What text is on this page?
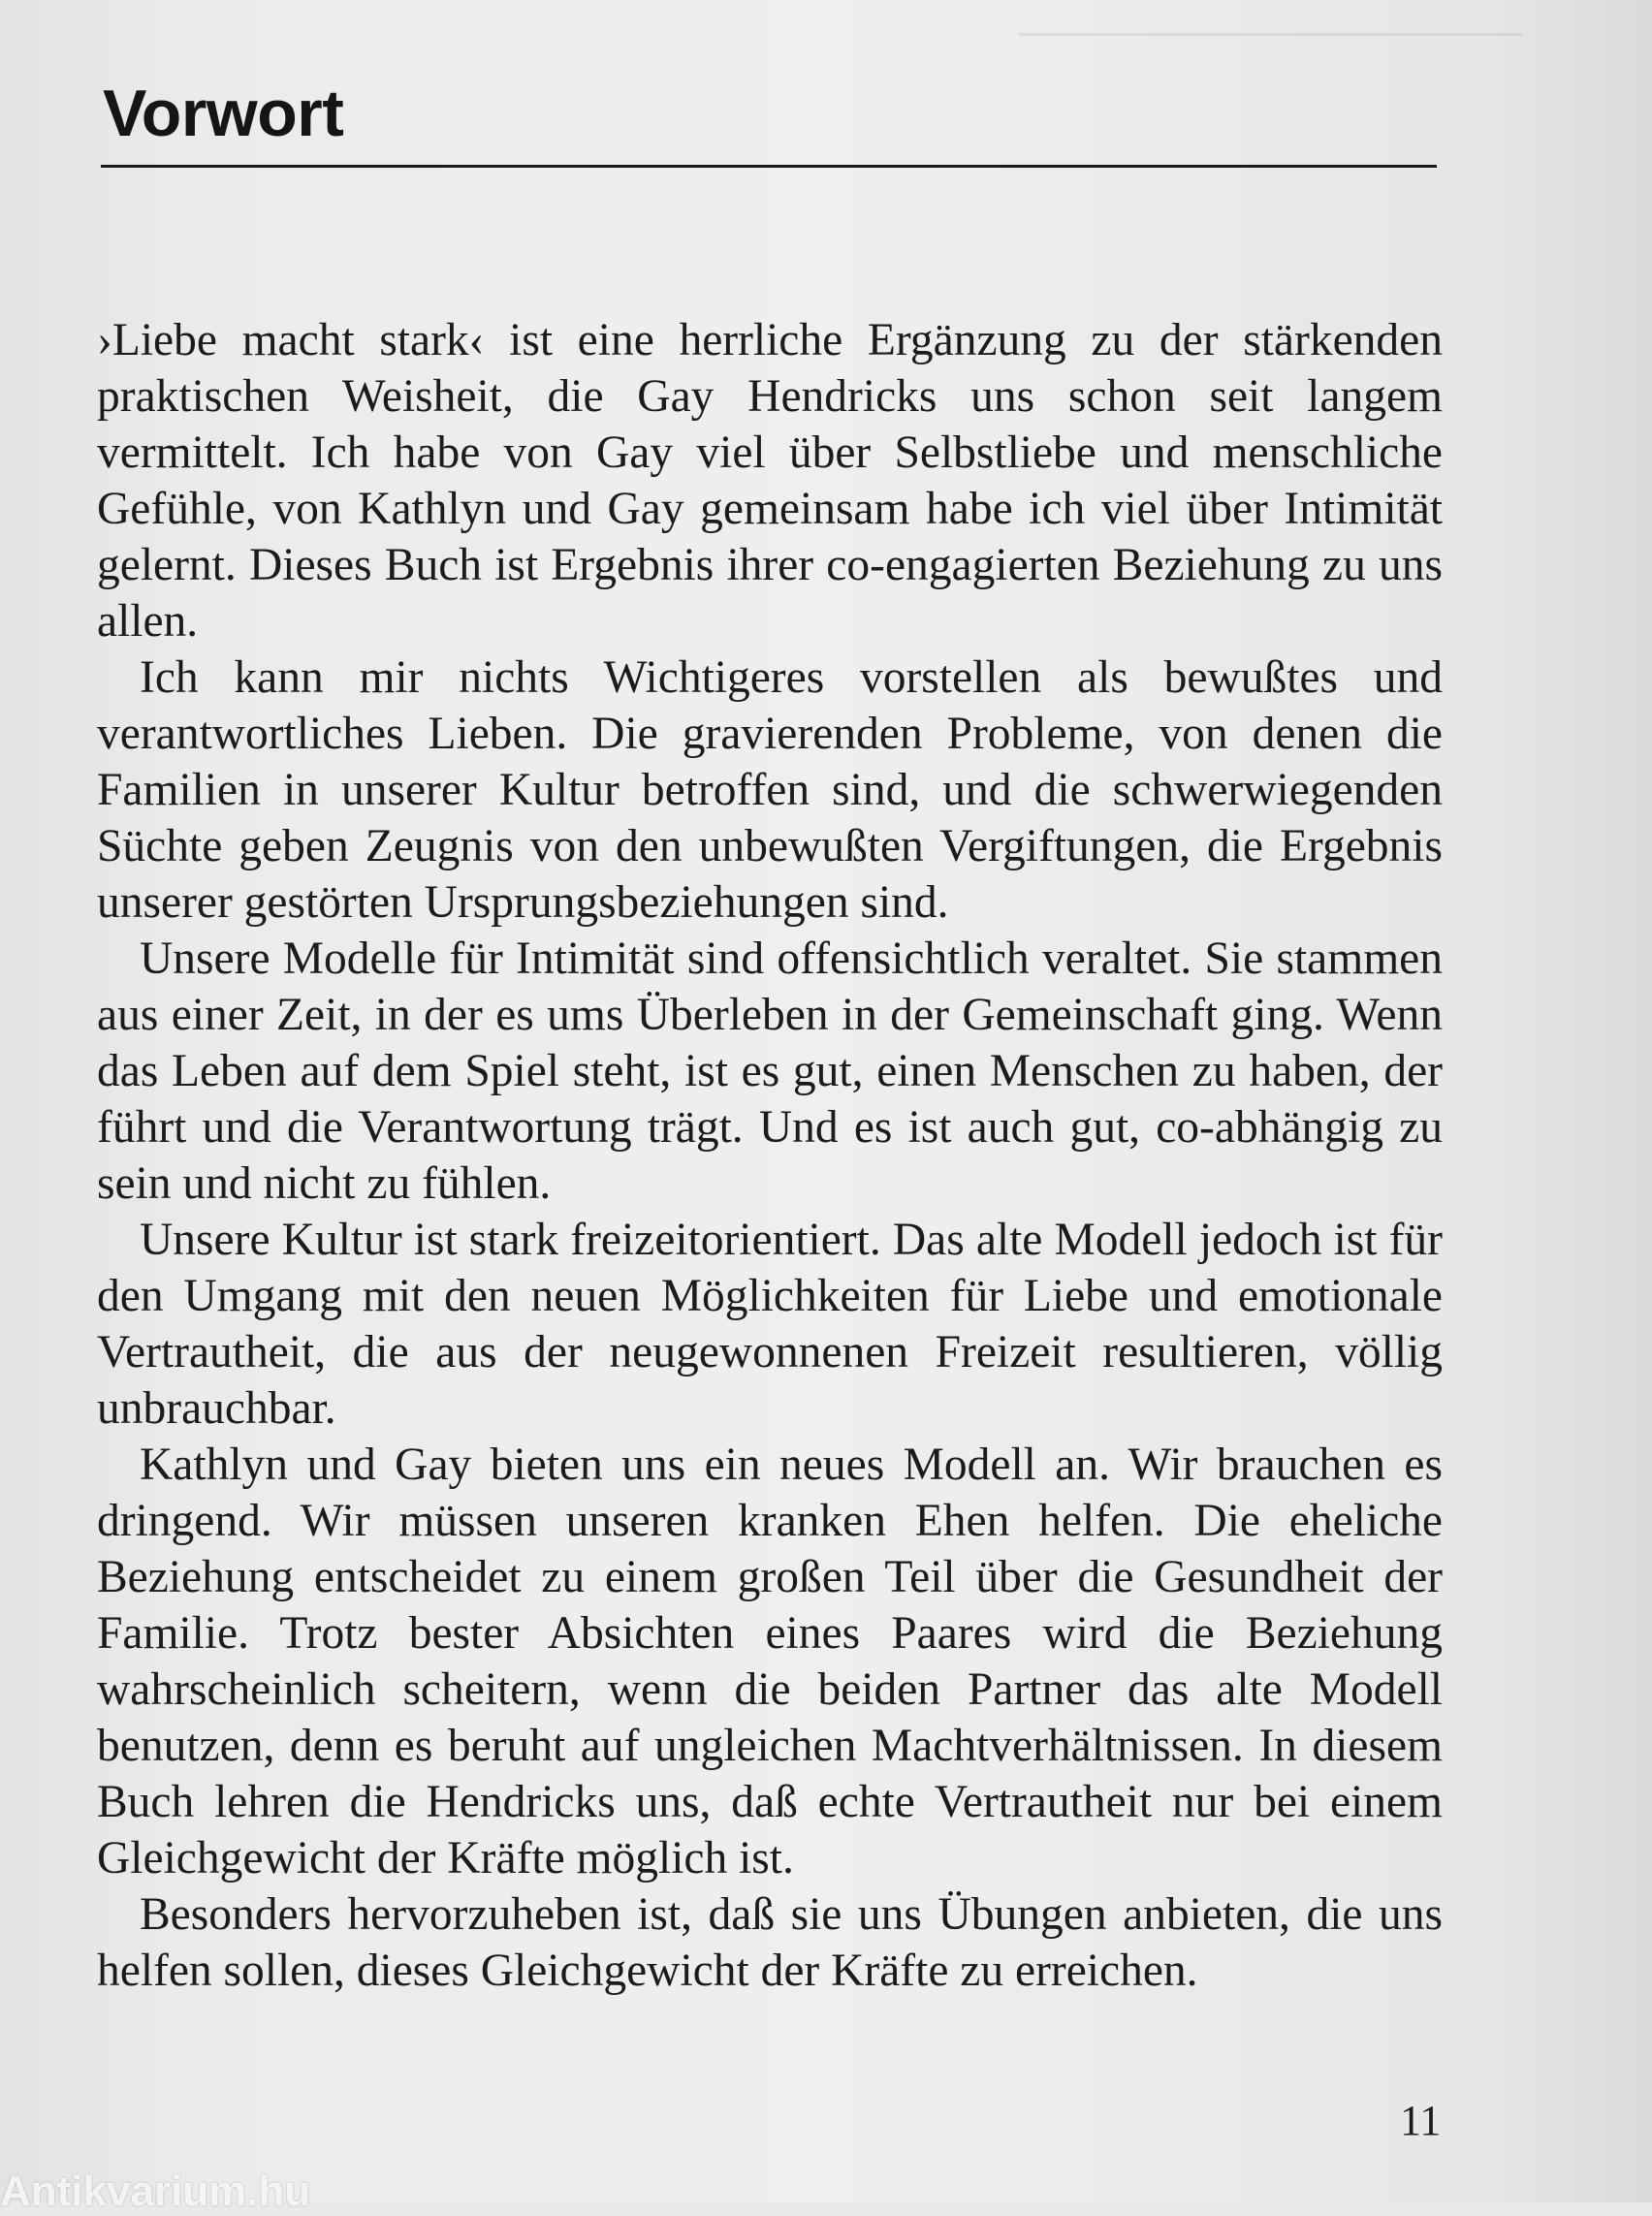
Vorwort

›Liebe macht stark‹ ist eine herrliche Ergänzung zu der stärkenden praktischen Weisheit, die Gay Hendricks uns schon seit langem vermittelt. Ich habe von Gay viel über Selbstliebe und menschliche Gefühle, von Kathlyn und Gay gemeinsam habe ich viel über Intimität gelernt. Dieses Buch ist Ergebnis ihrer co-engagierten Beziehung zu uns allen.

Ich kann mir nichts Wichtigeres vorstellen als bewußtes und verantwortliches Lieben. Die gravierenden Probleme, von denen die Familien in unserer Kultur betroffen sind, und die schwerwiegenden Süchte geben Zeugnis von den unbewußten Vergiftungen, die Ergebnis unserer gestörten Ursprungsbeziehungen sind.

Unsere Modelle für Intimität sind offensichtlich veraltet. Sie stammen aus einer Zeit, in der es ums Überleben in der Gemeinschaft ging. Wenn das Leben auf dem Spiel steht, ist es gut, einen Menschen zu haben, der führt und die Verantwortung trägt. Und es ist auch gut, co-abhängig zu sein und nicht zu fühlen.

Unsere Kultur ist stark freizeitorientiert. Das alte Modell jedoch ist für den Umgang mit den neuen Möglichkeiten für Liebe und emotionale Vertrautheit, die aus der neugewonnenen Freizeit resultieren, völlig unbrauchbar.

Kathlyn und Gay bieten uns ein neues Modell an. Wir brauchen es dringend. Wir müssen unseren kranken Ehen helfen. Die eheliche Beziehung entscheidet zu einem großen Teil über die Gesundheit der Familie. Trotz bester Absichten eines Paares wird die Beziehung wahrscheinlich scheitern, wenn die beiden Partner das alte Modell benutzen, denn es beruht auf ungleichen Machtverhältnissen. In diesem Buch lehren die Hendricks uns, daß echte Vertrautheit nur bei einem Gleichgewicht der Kräfte möglich ist.

Besonders hervorzuheben ist, daß sie uns Übungen anbieten, die uns helfen sollen, dieses Gleichgewicht der Kräfte zu erreichen.

11
Antikvarium.hu
